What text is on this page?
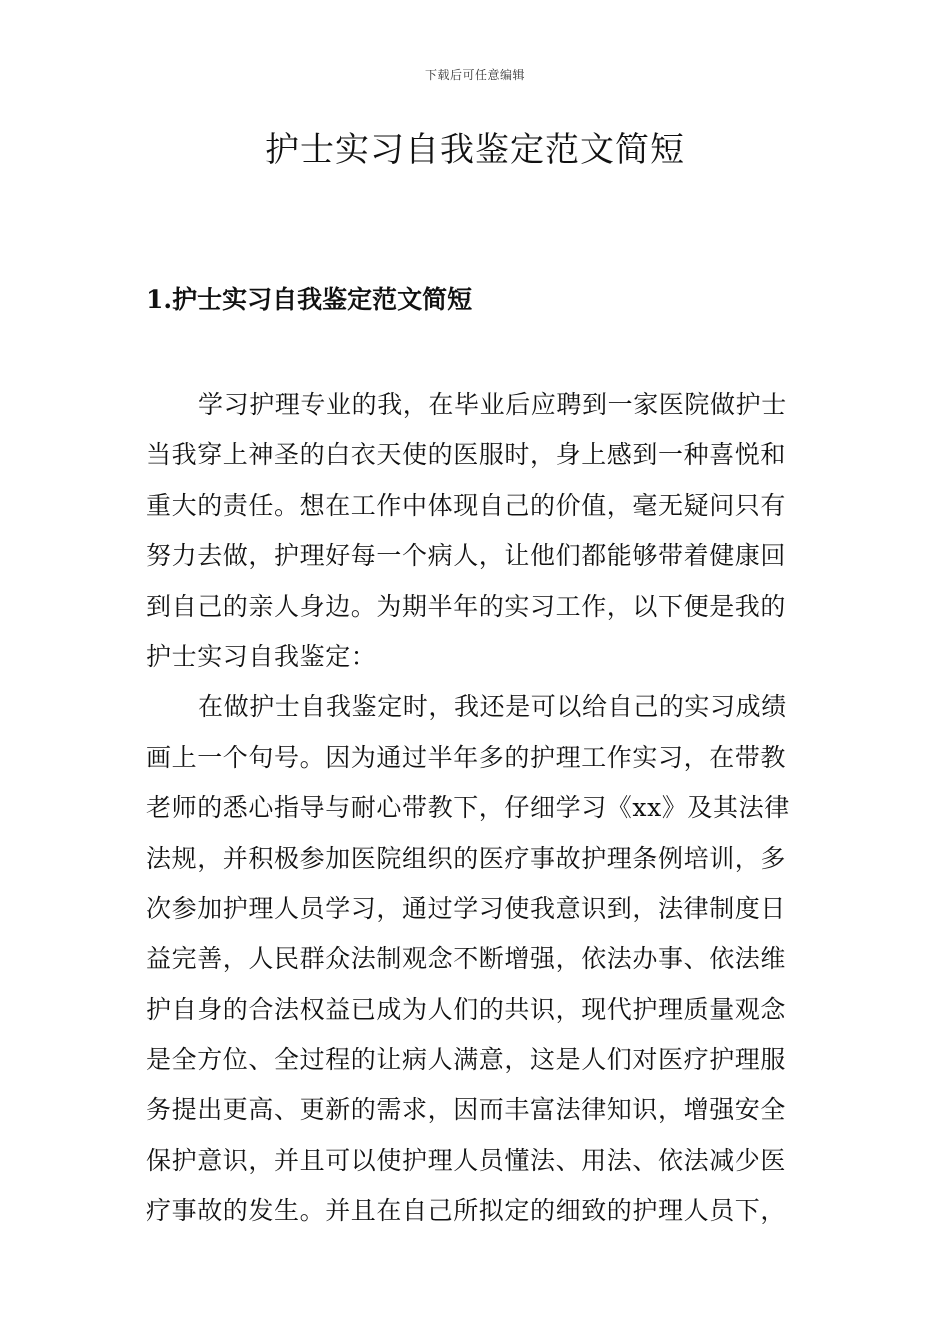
下载后可任意编辑
护士实习自我鉴定范文简短
1.护士实习自我鉴定范文简短
学习护理专业的我，在毕业后应聘到一家医院做护士
当我穿上神圣的白衣天使的医服时，身上感到一种喜悦和
重大的责任。想在工作中体现自己的价值，毫无疑问只有
努力去做，护理好每一个病人，让他们都能够带着健康回
到自己的亲人身边。为期半年的实习工作，以下便是我的
护士实习自我鉴定：
在做护士自我鉴定时，我还是可以给自己的实习成绩
画上一个句号。因为通过半年多的护理工作实习，在带教
老师的悉心指导与耐心带教下，仔细学习《xx》及其法律
法规，并积极参加医院组织的医疗事故护理条例培训，多
次参加护理人员学习，通过学习使我意识到，法律制度日
益完善，人民群众法制观念不断增强，依法办事、依法维
护自身的合法权益已成为人们的共识，现代护理质量观念
是全方位、全过程的让病人满意，这是人们对医疗护理服
务提出更高、更新的需求，因而丰富法律知识，增强安全
保护意识，并且可以使护理人员懂法、用法、依法减少医
疗事故的发生。并且在自己所拟定的细致的护理人员下，
